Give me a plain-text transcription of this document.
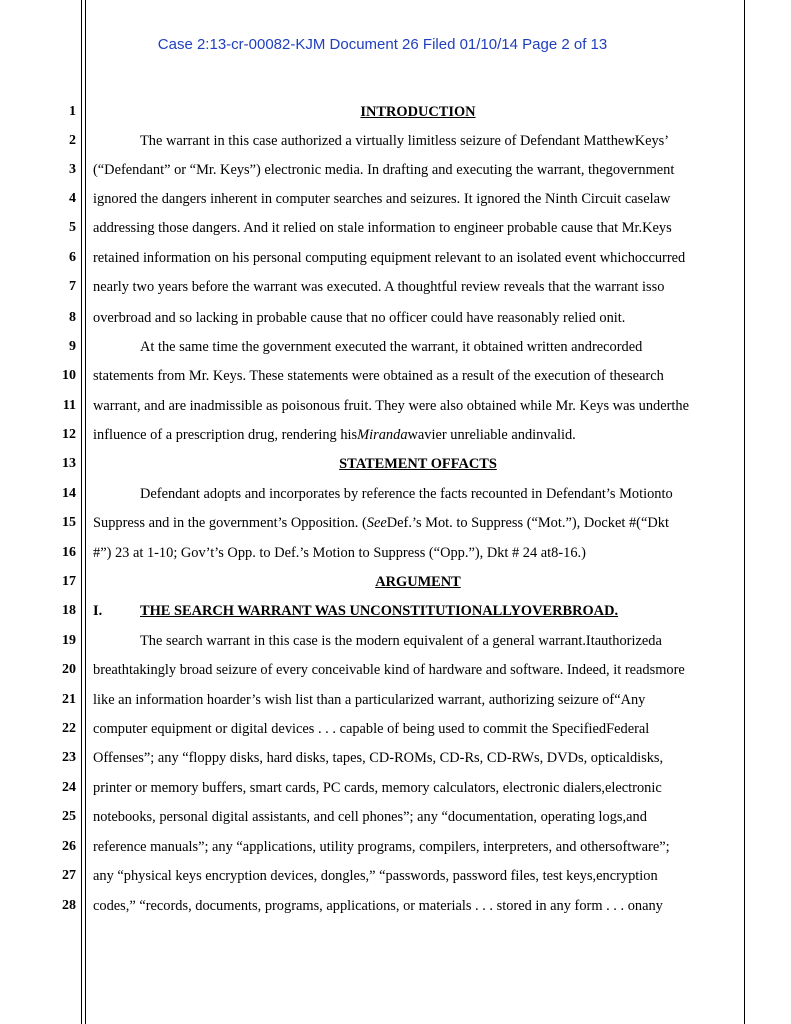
Case 2:13-cr-00082-KJM Document 26 Filed 01/10/14 Page 2 of 13
1
2
3
4
5
6
7
8
9
10
11
12
13
14
15
16
17
18
19
20
21
22
23
24
25
26
27
28
INTRODUCTION
The warrant in this case authorized a virtually limitless seizure of Defendant MatthewKeys’
(“Defendant” or “Mr. Keys”) electronic media. In drafting and executing the warrant, thegovernment
ignored the dangers inherent in computer searches and seizures. It ignored the Ninth Circuit caselaw
addressing those dangers. And it relied on stale information to engineer probable cause that Mr.Keys
retained information on his personal computing equipment relevant to an isolated event whichoccurred
nearly two years before the warrant was executed. A thoughtful review reveals that the warrant isso
overbroad and so lacking in probable cause that no officer could have reasonably relied onit.
At the same time the government executed the warrant, it obtained written andrecorded
statements from Mr. Keys. These statements were obtained as a result of the execution of thesearch
warrant, and are inadmissible as poisonous fruit. They were also obtained while Mr. Keys was underthe
influence of a prescription drug, rendering hisMirandawavier unreliable andinvalid.
STATEMENT OFFACTS
Defendant adopts and incorporates by reference the facts recounted in Defendant’s Motionto
Suppress and in the government’s Opposition. (SeeDef.’s Mot. to Suppress (“Mot.”), Docket #(“Dkt
#”) 23 at 1-10; Gov’t’s Opp. to Def.’s Motion to Suppress (“Opp.”), Dkt # 24 at8-16.)
ARGUMENT
I.	THE SEARCH WARRANT WAS UNCONSTITUTIONALLYOVERBROAD.
The search warrant in this case is the modern equivalent of a general warrant.Itauthorizeda
breathtakingly broad seizure of every conceivable kind of hardware and software. Indeed, it readsmore
like an information hoarder’s wish list than a particularized warrant, authorizing seizure of“Any
computer equipment or digital devices . . . capable of being used to commit the SpecifiedFederal
Offenses”; any “floppy disks, hard disks, tapes, CD-ROMs, CD-Rs, CD-RWs, DVDs, opticaldisks,
printer or memory buffers, smart cards, PC cards, memory calculators, electronic dialers,electronic
notebooks, personal digital assistants, and cell phones”; any “documentation, operating logs,and
reference manuals”; any “applications, utility programs, compilers, interpreters, and othersoftware”;
any “physical keys encryption devices, dongles,” “passwords, password files, test keys,encryption
codes,” “records, documents, programs, applications, or materials . . . stored in any form . . . onany
